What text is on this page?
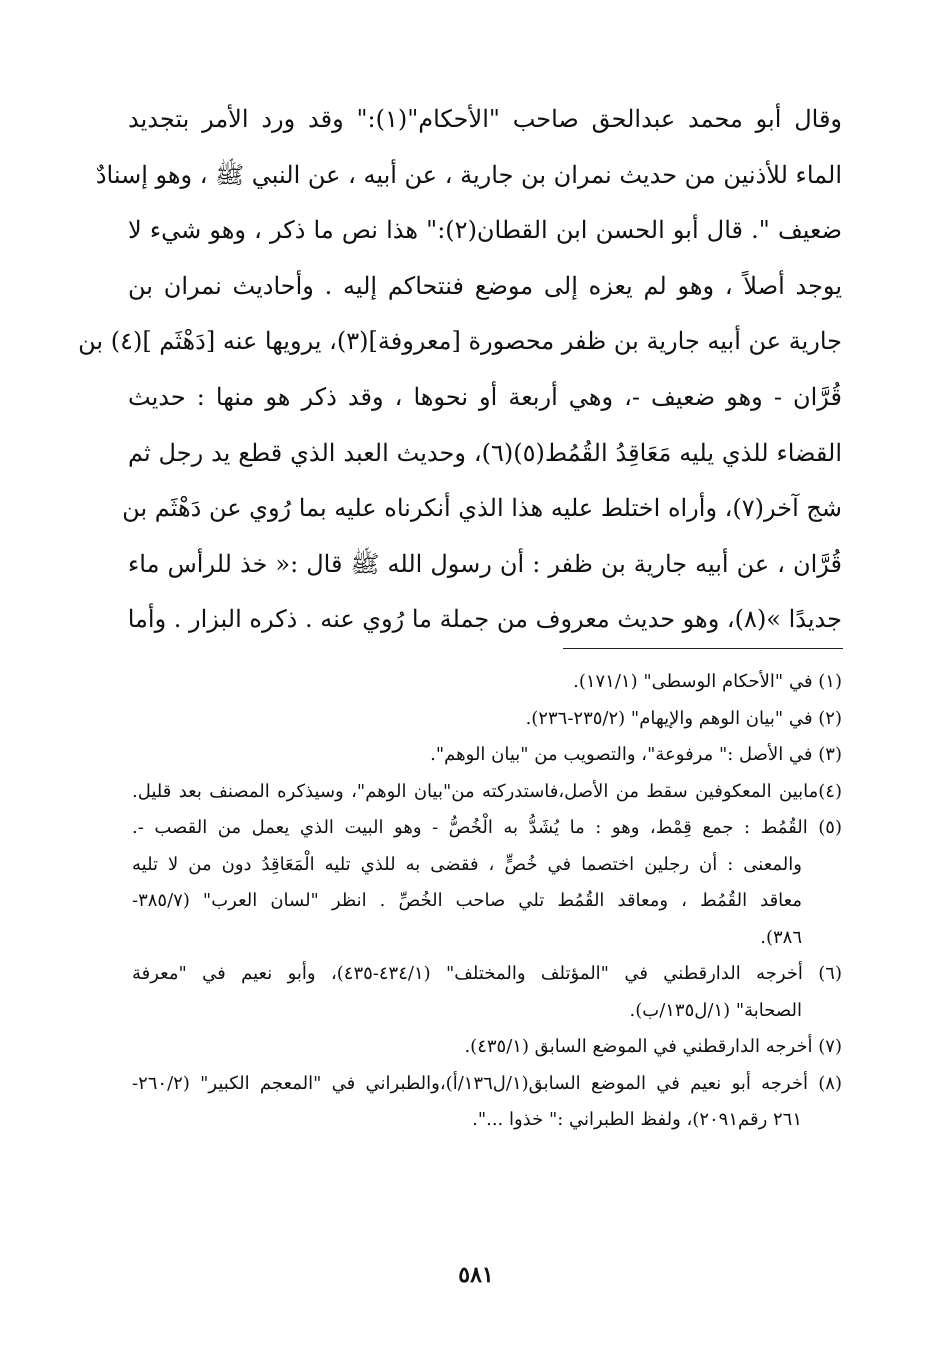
وقال أبو محمد عبدالحق صاحب "الأحكام"(١):" وقد ورد الأمر بتجديد
الماء للأذنين من حديث نمران بن جارية ، عن أبيه ، عن النبي ﷺ ، وهو إسنادٌ
ضعيف ". قال أبو الحسن ابن القطان(٢):" هذا نص ما ذكر ، وهو شيء لا
يوجد أصلاً ، وهو لم يعزه إلى موضع فنتحاكم إليه . وأحاديث نمران بن
جارية عن أبيه جارية بن ظفر محصورة [معروفة](٣)، يرويها عنه [دَهْثَم ](٤) بن
قُرَّان - وهو ضعيف -، وهي أربعة أو نحوها ، وقد ذكر هو منها : حديث
القضاء للذي يليه مَعَاقِدُ القُمُط(٥)(٦)، وحديث العبد الذي قطع يد رجل ثم
شج آخر(٧)، وأراه اختلط عليه هذا الذي أنكرناه عليه بما رُوي عن دَهْثَم بن
قُرَّان ، عن أبيه جارية بن ظفر : أن رسول الله ﷺ قال :« خذ للرأس ماء
جديدًا »(٨)، وهو حديث معروف من جملة ما رُوي عنه . ذكره البزار . وأما
(١) في "الأحكام الوسطى" (١٧١/١).
(٢) في "بيان الوهم والإيهام" (٢٣٥/٢-٢٣٦).
(٣) في الأصل :" مرفوعة"، والتصويب من "بيان الوهم".
(٤)مابين المعكوفين سقط من الأصل،فاستدركته من"بيان الوهم"، وسيذكره المصنف بعد قليل.
(٥) القُمُط : جمع قِمْط، وهو : ما يُشَدُّ به الْخُصُّ - وهو البيت الذي يعمل من القصب -.
والمعنى : أن رجلين اختصما في خُصٍّ ، فقضى به للذي تليه الْمَعَاقِدُ دون من لا تليه
معاقد القُمُط ، ومعاقد القُمُط تلي صاحب الخُصِّ . انظر "لسان العرب" (٣٨٥/٧-
٣٨٦).
(٦) أخرجه الدارقطني في "المؤتلف والمختلف" (٤٣٤/١-٤٣٥)، وأبو نعيم في "معرفة
الصحابة" (١/ل١٣٥/ب).
(٧) أخرجه الدارقطني في الموضع السابق (٤٣٥/١).
(٨) أخرجه أبو نعيم في الموضع السابق(١/ل١٣٦/أ)،والطبراني في "المعجم الكبير" (٢٦٠/٢-
٢٦١ رقم٢٠٩١)، ولفظ الطبراني :" خذوا ...".
٥٨١
